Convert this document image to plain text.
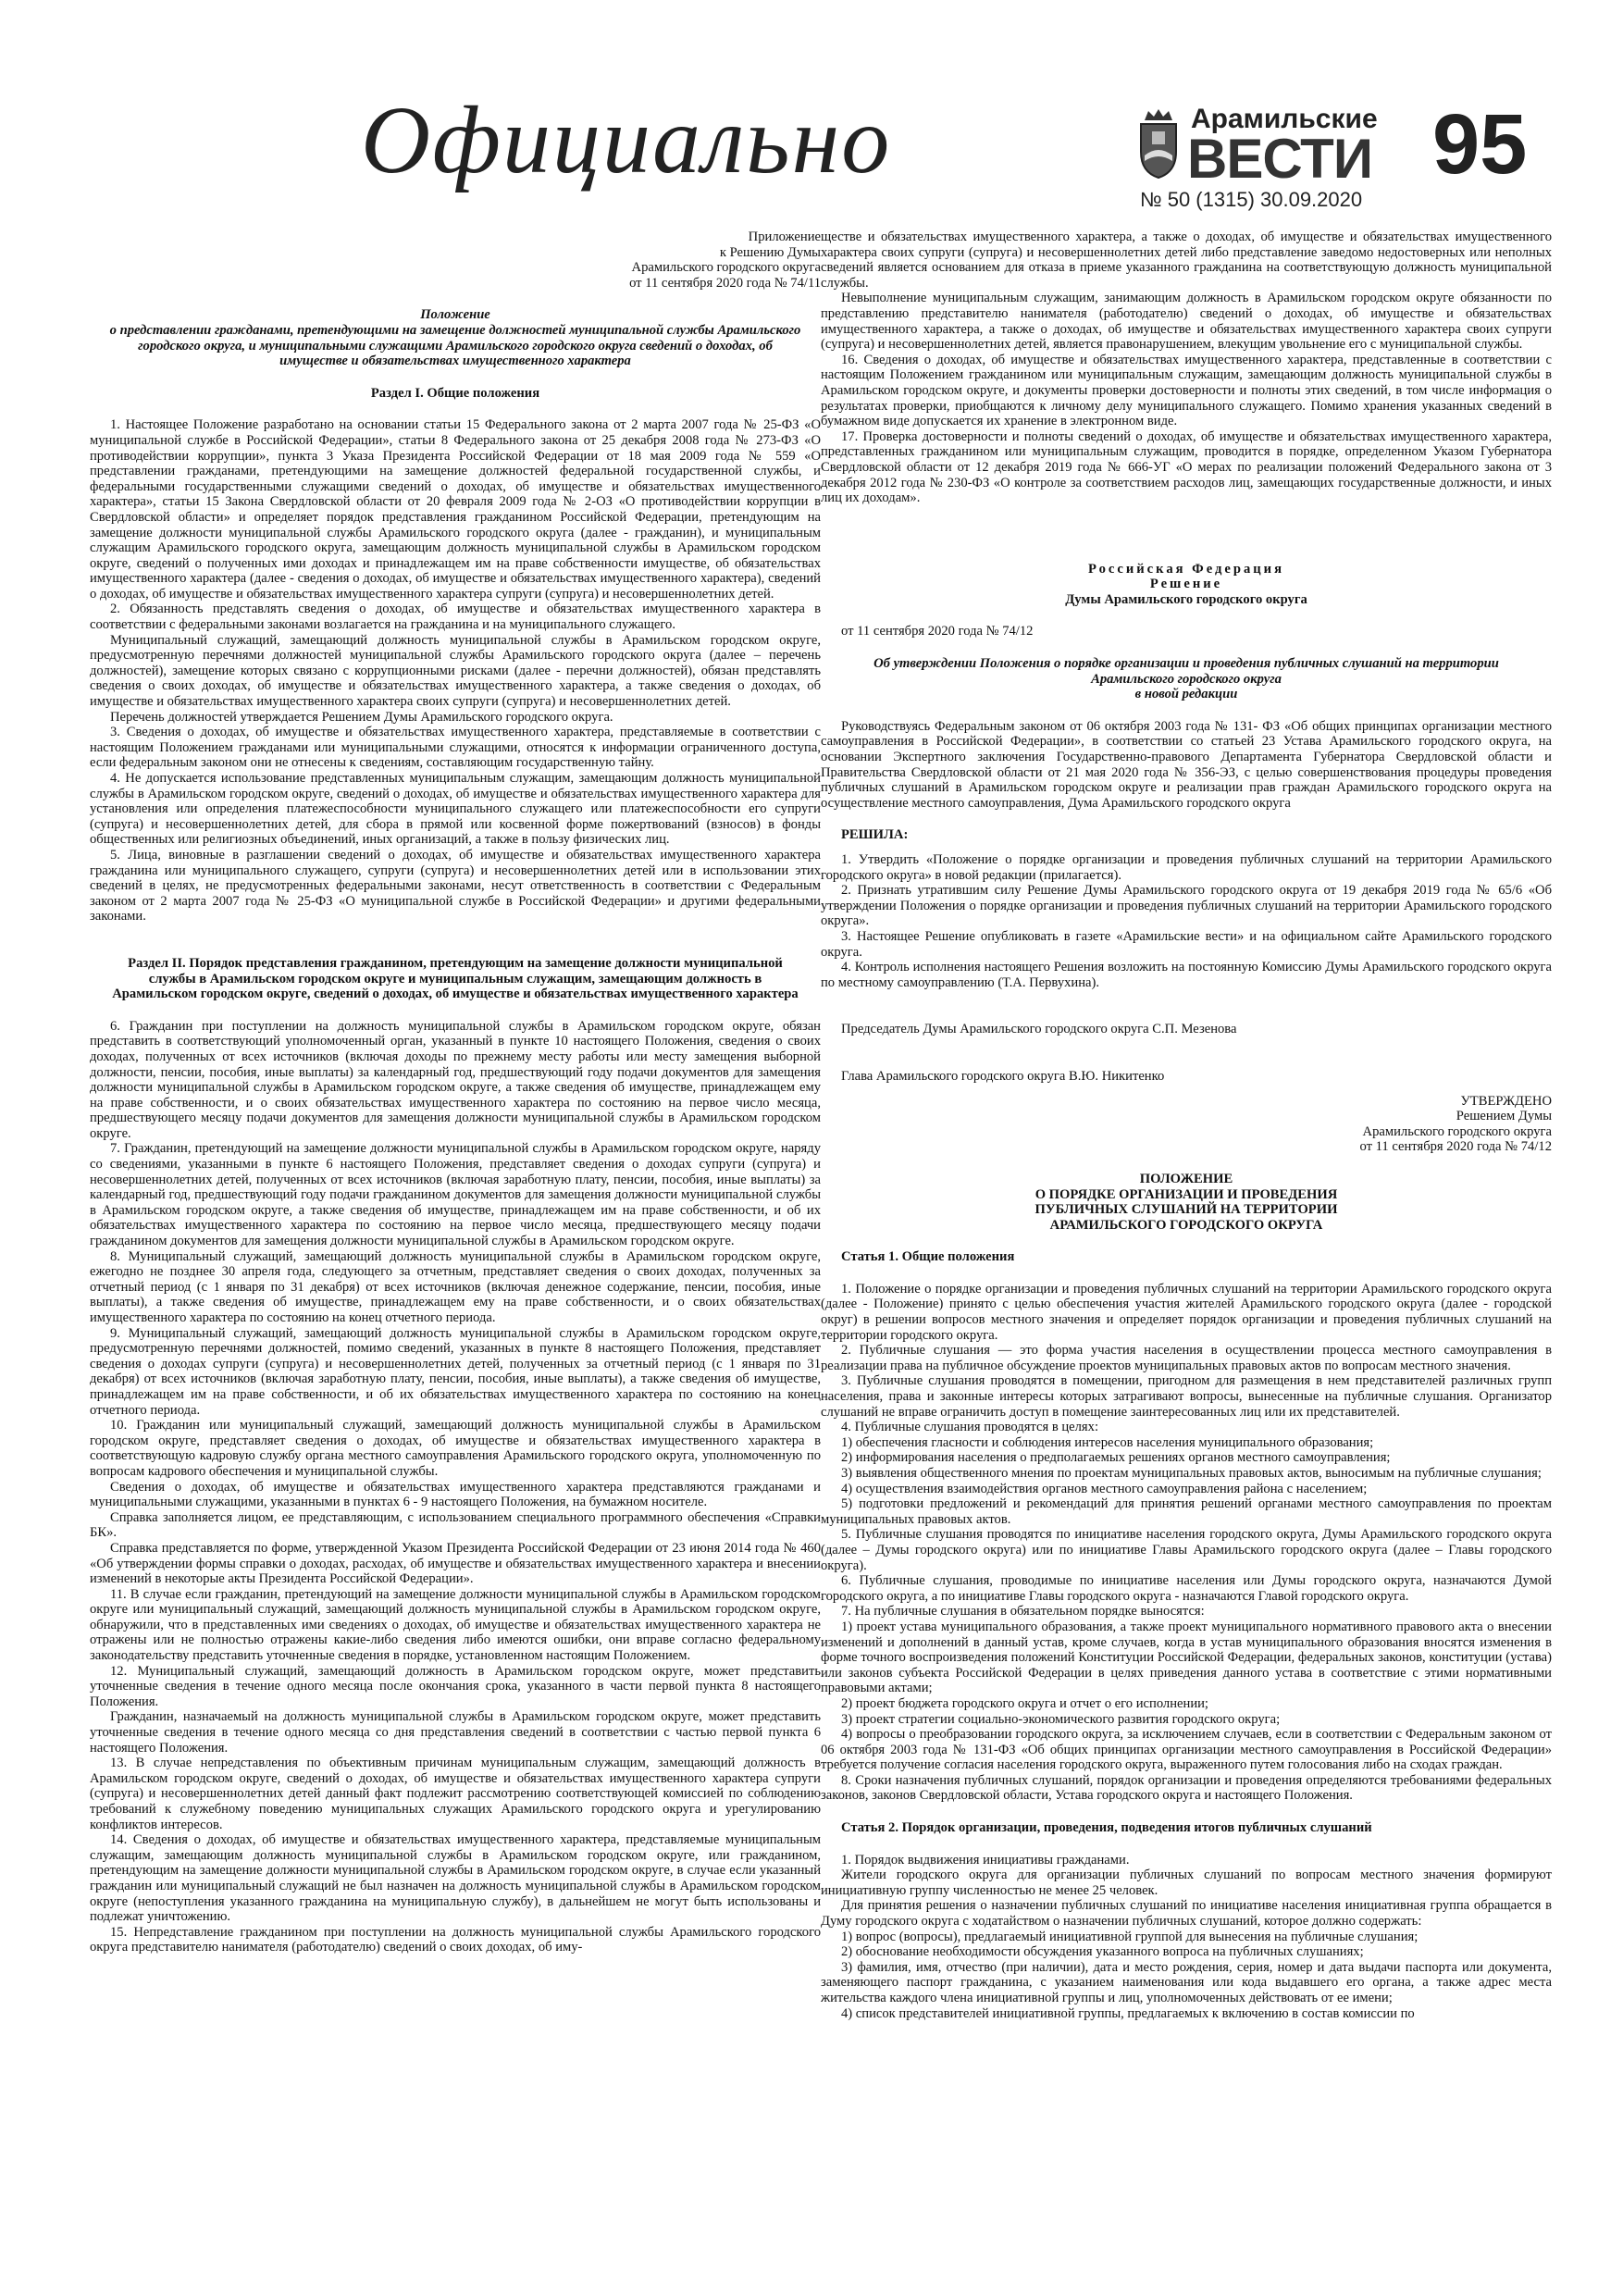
Официально	Арамильские
ВЕСТИ
№ 50 (1315) 30.09.2020
95
Приложение
к Решению Думы
Арамильского городского округа
от 11 сентября 2020 года № 74/11
Положение
о представлении гражданами, претендующими на замещение должностей муниципальной службы Арамильского городского округа, и муниципальными служащими Арамильского городского округа сведений о доходах, об имуществе и обязательствах имущественного характера
Раздел I. Общие положения

1. Настоящее Положение разработано на основании статьи 15 Федерального закона от 2 марта 2007 года № 25-ФЗ «О муниципальной службе в Российской Федерации», статьи 8 Федерального закона от 25 декабря 2008 года № 273-ФЗ «О противодействии коррупции», пункта 3 Указа Президента Российской Федерации от 18 мая 2009 года № 559 «О представлении гражданами, претендующими на замещение должностей федеральной государственной службы, и федеральными государственными служащими сведений о доходах, об имуществе и обязательствах имущественного характера», статьи 15 Закона Свердловской области от 20 февраля 2009 года № 2-ОЗ «О противодействии коррупции в Свердловской области» и определяет порядок представления гражданином Российской Федерации, претендующим на замещение должности муниципальной службы Арамильского городского округа (далее - гражданин), и муниципальным служащим Арамильского городского округа, замещающим должность муниципальной службы в Арамильском городском округе, сведений о полученных ими доходах и принадлежащем им на праве собственности имуществе, об обязательствах имущественного характера (далее - сведения о доходах, об имуществе и обязательствах имущественного характера), сведений о доходах, об имуществе и обязательствах имущественного характера супруги (супруга) и несовершеннолетних детей.

2. Обязанность представлять сведения о доходах, об имуществе и обязательствах имущественного характера в соответствии с федеральными законами возлагается на гражданина и на муниципального служащего.

Муниципальный служащий, замещающий должность муниципальной службы в Арамильском городском округе, предусмотренную перечнями должностей муниципальной службы Арамильского городского округа (далее – перечень должностей), замещение которых связано с коррупционными рисками (далее - перечни должностей), обязан представлять сведения о своих доходах, об имуществе и обязательствах имущественного характера, а также сведения о доходах, об имуществе и обязательствах имущественного характера своих супруги (супруга) и несовершеннолетних детей.

Перечень должностей утверждается Решением Думы Арамильского городского округа.

3. Сведения о доходах, об имуществе и обязательствах имущественного характера, представляемые в соответствии с настоящим Положением гражданами или муниципальными служащими, относятся к информации ограниченного доступа, если федеральным законом они не отнесены к сведениям, составляющим государственную тайну.

4. Не допускается использование представленных муниципальным служащим, замещающим должность муниципальной службы в Арамильском городском округе, сведений о доходах, об имуществе и обязательствах имущественного характера для установления или определения платежеспособности муниципального служащего или платежеспособности его супруги (супруга) и несовершеннолетних детей, для сбора в прямой или косвенной форме пожертвований (взносов) в фонды общественных или религиозных объединений, иных организаций, а также в пользу физических лиц.

5. Лица, виновные в разглашении сведений о доходах, об имуществе и обязательствах имущественного характера гражданина или муниципального служащего, супруги (супруга) и несовершеннолетних детей или в использовании этих сведений в целях, не предусмотренных федеральными законами, несут ответственность в соответствии с Федеральным законом от 2 марта 2007 года № 25-ФЗ «О муниципальной службе в Российской Федерации» и другими федеральными законами.

Раздел II. Порядок представления гражданином, претендующим на замещение должности муниципальной службы в Арамильском городском округе и муниципальным служащим, замещающим должность в Арамильском городском округе, сведений о доходах, об имуществе и обязательствах имущественного характера

6. Гражданин при поступлении на должность муниципальной службы в Арамильском городском округе, обязан представить в соответствующий уполномоченный орган, указанный в пункте 10 настоящего Положения, сведения о своих доходах, полученных от всех источников (включая доходы по прежнему месту работы или месту замещения выборной должности, пенсии, пособия, иные выплаты) за календарный год, предшествующий году подачи документов для замещения должности муниципальной службы в Арамильском городском округе, а также сведения об имуществе, принадлежащем ему на праве собственности, и о своих обязательствах имущественного характера по состоянию на первое число месяца, предшествующего месяцу подачи документов для замещения должности муниципальной службы в Арамильском городском округе.

7. Гражданин, претендующий на замещение должности муниципальной службы в Арамильском городском округе, наряду со сведениями, указанными в пункте 6 настоящего Положения, представляет сведения о доходах супруги (супруга) и несовершеннолетних детей, полученных от всех источников (включая заработную плату, пенсии, пособия, иные выплаты) за календарный год, предшествующий году подачи гражданином документов для замещения должности муниципальной службы в Арамильском городском округе, а также сведения об имуществе, принадлежащем им на праве собственности, и об их обязательствах имущественного характера по состоянию на первое число месяца, предшествующего месяцу подачи гражданином документов для замещения должности муниципальной службы в Арамильском городском округе.

8. Муниципальный служащий, замещающий должность муниципальной службы в Арамильском городском округе, ежегодно не позднее 30 апреля года, следующего за отчетным, представляет сведения о своих доходах, полученных за отчетный период (с 1 января по 31 декабря) от всех источников (включая денежное содержание, пенсии, пособия, иные выплаты), а также сведения об имуществе, принадлежащем ему на праве собственности, и о своих обязательствах имущественного характера по состоянию на конец отчетного периода.

9. Муниципальный служащий, замещающий должность муниципальной службы в Арамильском городском округе, предусмотренную перечнями должностей, помимо сведений, указанных в пункте 8 настоящего Положения, представляет сведения о доходах супруги (супруга) и несовершеннолетних детей, полученных за отчетный период (с 1 января по 31 декабря) от всех источников (включая заработную плату, пенсии, пособия, иные выплаты), а также сведения об имуществе, принадлежащем им на праве собственности, и об их обязательствах имущественного характера по состоянию на конец отчетного периода.

10. Гражданин или муниципальный служащий, замещающий должность муниципальной службы в Арамильском городском округе, представляет сведения о доходах, об имуществе и обязательствах имущественного характера в соответствующую кадровую службу органа местного самоуправления Арамильского городского округа, уполномоченную по вопросам кадрового обеспечения и муниципальной службы.

Сведения о доходах, об имуществе и обязательствах имущественного характера представляются гражданами и муниципальными служащими, указанными в пунктах 6 - 9 настоящего Положения, на бумажном носителе.

Справка заполняется лицом, ее представляющим, с использованием специального программного обеспечения «Справки БК».

Справка представляется по форме, утвержденной Указом Президента Российской Федерации от 23 июня 2014 года № 460 «Об утверждении формы справки о доходах, расходах, об имуществе и обязательствах имущественного характера и внесении изменений в некоторые акты Президента Российской Федерации».

11. В случае если гражданин, претендующий на замещение должности муниципальной службы в Арамильском городском округе или муниципальный служащий, замещающий должность муниципальной службы в Арамильском городском округе, обнаружили, что в представленных ими сведениях о доходах, об имуществе и обязательствах имущественного характера не отражены или не полностью отражены какие-либо сведения либо имеются ошибки, они вправе согласно федеральному законодательству представить уточненные сведения в порядке, установленном настоящим Положением.

12. Муниципальный служащий, замещающий должность в Арамильском городском округе, может представить уточненные сведения в течение одного месяца после окончания срока, указанного в части первой пункта 8 настоящего Положения.

Гражданин, назначаемый на должность муниципальной службы в Арамильском городском округе, может представить уточненные сведения в течение одного месяца со дня представления сведений в соответствии с частью первой пункта 6 настоящего Положения.

13. В случае непредставления по объективным причинам муниципальным служащим, замещающий должность в Арамильском городском округе, сведений о доходах, об имуществе и обязательствах имущественного характера супруги (супруга) и несовершеннолетних детей данный факт подлежит рассмотрению соответствующей комиссией по соблюдению требований к служебному поведению муниципальных служащих Арамильского городского округа и урегулированию конфликтов интересов.

14. Сведения о доходах, об имуществе и обязательствах имущественного характера, представляемые муниципальным служащим, замещающим должность муниципальной службы в Арамильском городском округе, или гражданином, претендующим на замещение должности муниципальной службы в Арамильском городском округе, в случае если указанный гражданин или муниципальный служащий не был назначен на должность муниципальной службы в Арамильском городском округе (непоступления указанного гражданина на муниципальную службу), в дальнейшем не могут быть использованы и подлежат уничтожению.

15. Непредставление гражданином при поступлении на должность муниципальной службы Арамильского городского округа представителю нанимателя (работодателю) сведений о своих доходах, об иму-

ществе и обязательствах имущественного характера, а также о доходах, об имуществе и обязательствах имущественного характера своих супруги (супруга) и несовершеннолетних детей либо представление заведомо недостоверных или неполных сведений является основанием для отказа в приеме указанного гражданина на соответствующую должность муниципальной службы.

Невыполнение муниципальным служащим, занимающим должность в Арамильском городском округе обязанности по представлению представителю нанимателя (работодателю) сведений о доходах, об имуществе и обязательствах имущественного характера, а также о доходах, об имуществе и обязательствах имущественного характера своих супруги (супруга) и несовершеннолетних детей, является правонарушением, влекущим увольнение его с муниципальной службы.

16. Сведения о доходах, об имуществе и обязательствах имущественного характера, представленные в соответствии с настоящим Положением гражданином или муниципальным служащим, замещающим должность муниципальной службы в Арамильском городском округе, и документы проверки достоверности и полноты этих сведений, в том числе информация о результатах проверки, приобщаются к личному делу муниципального служащего. Помимо хранения указанных сведений в бумажном виде допускается их хранение в электронном виде.

17. Проверка достоверности и полноты сведений о доходах, об имуществе и обязательствах имущественного характера, представленных гражданином или муниципальным служащим, проводится в порядке, определенном Указом Губернатора Свердловской области от 12 декабря 2019 года № 666-УГ «О мерах по реализации положений Федерального закона от 3 декабря 2012 года № 230-ФЗ «О контроле за соответствием расходов лиц, замещающих государственные должности, и иных лиц их доходам».

Российская Федерация
Решение
Думы Арамильского городского округа

от 11 сентября 2020 года № 74/12

Об утверждении Положения о порядке организации и проведения публичных слушаний на территории Арамильского городского округа
в новой редакции

Руководствуясь Федеральным законом от 06 октября 2003 года № 131- ФЗ «Об общих принципах организации местного самоуправления в Российской Федерации», в соответствии со статьей 23 Устава Арамильского городского округа, на основании Экспертного заключения Государственно-правового Департамента Губернатора Свердловской области и Правительства Свердловской области от 21 мая 2020 года № 356-ЭЗ, с целью совершенствования процедуры проведения публичных слушаний в Арамильском городском округе и реализации прав граждан Арамильского городского округа на осуществление местного самоуправления, Дума Арамильского городского округа

РЕШИЛА:

1. Утвердить «Положение о порядке организации и проведения публичных слушаний на территории Арамильского городского округа» в новой редакции (прилагается).

2. Признать утратившим силу Решение Думы Арамильского городского округа от 19 декабря 2019 года № 65/6 «Об утверждении Положения о порядке организации и проведения публичных слушаний на территории Арамильского городского округа».

3. Настоящее Решение опубликовать в газете «Арамильские вести» и на официальном сайте Арамильского городского округа.

4. Контроль исполнения настоящего Решения возложить на постоянную Комиссию Думы Арамильского городского округа по местному самоуправлению (Т.А. Первухина).

Председатель Думы Арамильского городского округа С.П. Мезенова

Глава Арамильского городского округа В.Ю. Никитенко

УТВЕРЖДЕНО
Решением Думы
Арамильского городского округа
от 11 сентября 2020 года № 74/12
ПОЛОЖЕНИЕ
О ПОРЯДКЕ ОРГАНИЗАЦИИ И ПРОВЕДЕНИЯ
ПУБЛИЧНЫХ СЛУШАНИЙ НА ТЕРРИТОРИИ
АРАМИЛЬСКОГО ГОРОДСКОГО ОКРУГА

Статья 1. Общие положения

1. Положение о порядке организации и проведения публичных слушаний на территории Арамильского городского округа (далее - Положение) принято с целью обеспечения участия жителей Арамильского городского округа (далее - городской округ) в решении вопросов местного значения и определяет порядок организации и проведения публичных слушаний на территории городского округа.

2. Публичные слушания — это форма участия населения в осуществлении процесса местного самоуправления в реализации права на публичное обсуждение проектов муниципальных правовых актов по вопросам местного значения.

3. Публичные слушания проводятся в помещении, пригодном для размещения в нем представителей различных групп населения, права и законные интересы которых затрагивают вопросы, вынесенные на публичные слушания. Организатор слушаний не вправе ограничить доступ в помещение заинтересованных лиц или их представителей.

4. Публичные слушания проводятся в целях:

1) обеспечения гласности и соблюдения интересов населения муниципального образования;

2) информирования населения о предполагаемых решениях органов местного самоуправления;

3) выявления общественного мнения по проектам муниципальных правовых актов, выносимым на публичные слушания;

4) осуществления взаимодействия органов местного самоуправления района с населением;

5) подготовки предложений и рекомендаций для принятия решений органами местного самоуправления по проектам муниципальных правовых актов.

5. Публичные слушания проводятся по инициативе населения городского округа, Думы Арамильского городского округа (далее – Думы городского округа) или по инициативе Главы Арамильского городского округа (далее – Главы городского округа).

6. Публичные слушания, проводимые по инициативе населения или Думы городского округа, назначаются Думой городского округа, а по инициативе Главы городского округа - назначаются Главой городского округа.

7. На публичные слушания в обязательном порядке выносятся:

1) проект устава муниципального образования, а также проект муниципального нормативного правового акта о внесении изменений и дополнений в данный устав, кроме случаев, когда в устав муниципального образования вносятся изменения в форме точного воспроизведения положений Конституции Российской Федерации, федеральных законов, конституции (устава) или законов субъекта Российской Федерации в целях приведения данного устава в соответствие с этими нормативными правовыми актами;

2) проект бюджета городского округа и отчет о его исполнении;

3) проект стратегии социально-экономического развития городского округа;

4) вопросы о преобразовании городского округа, за исключением случаев, если в соответствии с Федеральным законом от 06 октября 2003 года № 131-ФЗ «Об общих принципах организации местного самоуправления в Российской Федерации» требуется получение согласия населения городского округа, выраженного путем голосования либо на сходах граждан.

8. Сроки назначения публичных слушаний, порядок организации и проведения определяются требованиями федеральных законов, законов Свердловской области, Устава городского округа и настоящего Положения.

Статья 2. Порядок организации, проведения, подведения итогов публичных слушаний

1. Порядок выдвижения инициативы гражданами.

Жители городского округа для организации публичных слушаний по вопросам местного значения формируют инициативную группу численностью не менее 25 человек.

Для принятия решения о назначении публичных слушаний по инициативе населения инициативная группа обращается в Думу городского округа с ходатайством о назначении публичных слушаний, которое должно содержать:

1) вопрос (вопросы), предлагаемый инициативной группой для вынесения на публичные слушания;

2) обоснование необходимости обсуждения указанного вопроса на публичных слушаниях;

3) фамилия, имя, отчество (при наличии), дата и место рождения, серия, номер и дата выдачи паспорта или документа, заменяющего паспорт гражданина, с указанием наименования или кода выдавшего его органа, а также адрес места жительства каждого члена инициативной группы и лиц, уполномоченных действовать от ее имени;

4) список представителей инициативной группы, предлагаемых к включению в состав комиссии по
